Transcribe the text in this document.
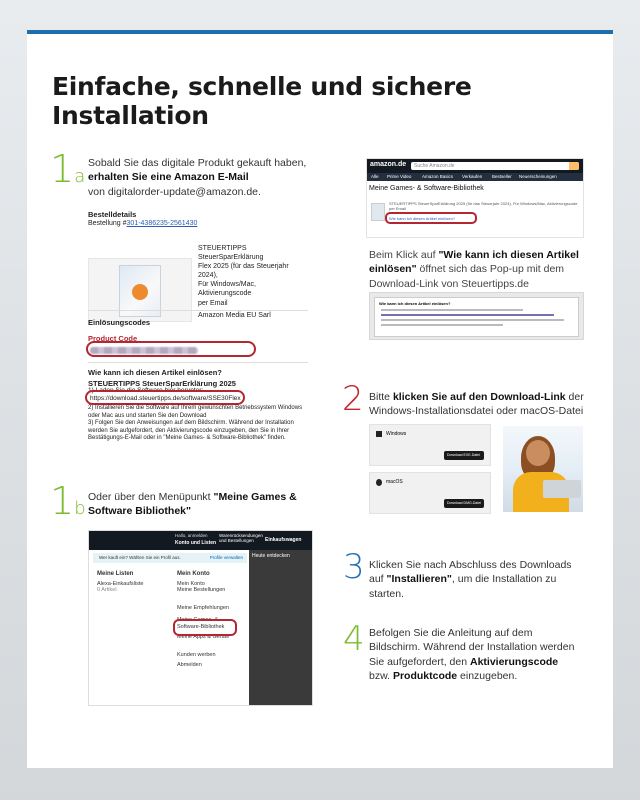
Einfache, schnelle und sichere Installation
1a
Sobald Sie das digitale Produkt gekauft haben,
erhalten Sie eine Amazon E-Mail
von digitalorder-update@amazon.de.
Bestelldetails
Bestellung #301-4386235-2561430
STEUERTIPPS SteuerSparErklärung
Flex 2025 (für das Steuerjahr 2024),
Für Windows/Mac, Aktivierungscode
per Email
Amazon Media EU Sarl
Einlösungscodes
Product Code
Wie kann ich diesen Artikel einlösen?
STEUERTIPPS SteuerSparErklärung 2025
1) Laden Sie die Software hier herunter:
https://download.steuertipps.de/software/SSE30Flex
2) Installieren Sie die Software auf Ihrem gewünschten Betriebssystem Windows oder Mac aus und starten Sie den Download
3) Folgen Sie den Anweisungen auf dem Bildschirm. Während der Installation werden Sie aufgefordert, den Aktivierungscode einzugeben, den Sie in Ihrer Bestätigungs-E-Mail oder in "Meine Games- & Software-Bibliothek" finden.
amazon.de Suche Amazon.de
Alle Prime Video Amazon Basics Verkaufen Bestseller Neuerscheinungen
Meine Games- & Software-Bibliothek
STEUERTIPPS SteuerSparErklärung 2025 (für das Steuerjahr 2024), Für Windows/Mac, Aktivierungscode per Email
Wie kann ich diesen Artikel einlösen?
Beim Klick auf "Wie kann ich diesen Artikel einlösen" öffnet sich das Pop-up mit dem Download-Link von Steuertipps.de
Wie kann ich diesen Artikel einlösen?
2 Bitte klicken Sie auf den Download-Link der Windows-Installationsdatei oder macOS-Datei
Windows
Download EXE-Datei
macOS
Download DMG-Datei
1b
Oder über den Menüpunkt "Meine Games & Software Bibliothek"
Hallo, anmelden
Konto und Listen
Warenrücksendungen und Bestellungen	Einkaufswagen
Heute entdecken
Wer kauft ein? Wählen Sie ein Profil aus.	Profile verwalten
Meine Listen
Alexa-Einkaufsliste
0 Artikel
Mein Konto
Mein Konto
Meine Bestellungen
Meine Empfehlungen
Meine Games- & Software-Bibliothek
Meine Apps & Geräte
Kunden werben
Abmelden
3 Klicken Sie nach Abschluss des Downloads auf "Installieren", um die Installation zu starten.
4 Befolgen Sie die Anleitung auf dem Bildschirm. Während der Installation werden Sie aufgefordert, den Aktivierungscode bzw. Produktcode einzugeben.
